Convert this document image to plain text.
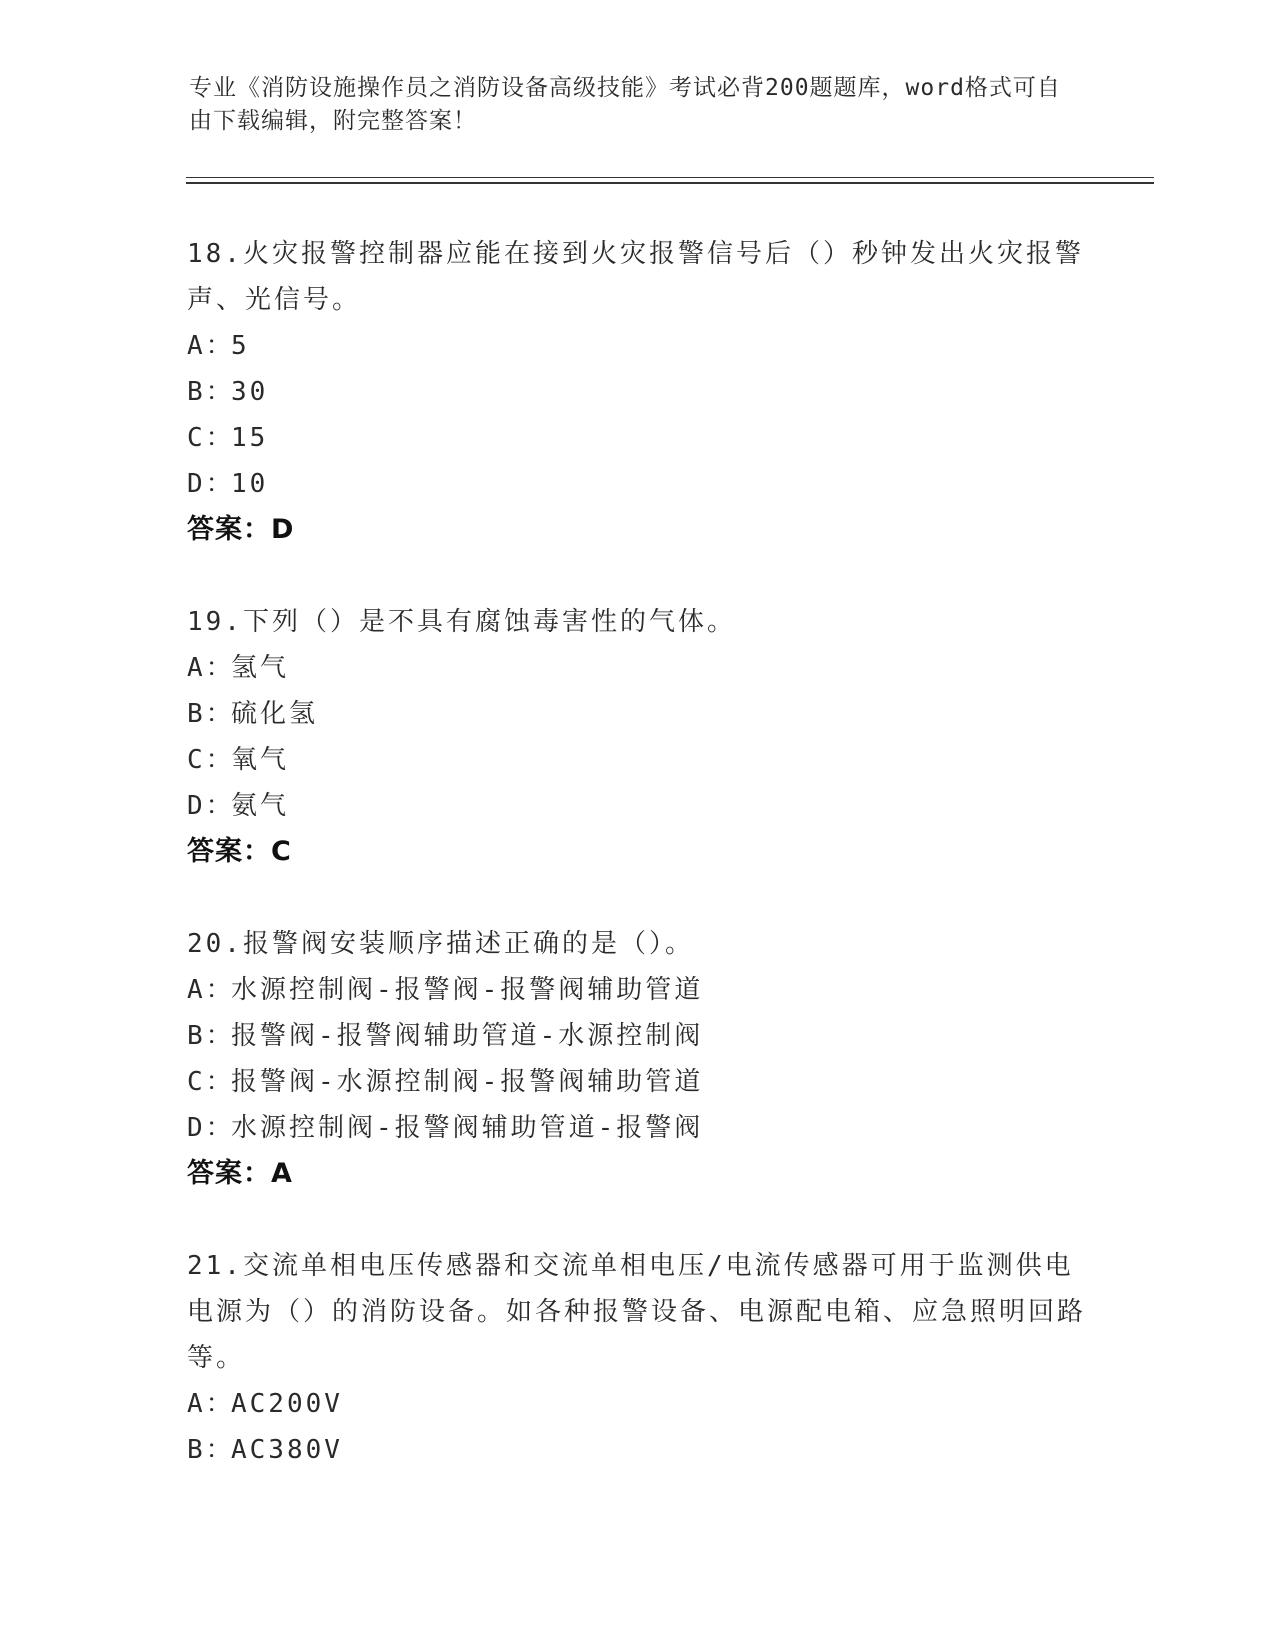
专业《消防设施操作员之消防设备高级技能》考试必背200题题库，word格式可自由下载编辑，附完整答案！
18.火灾报警控制器应能在接到火灾报警信号后（）秒钟发出火灾报警声、光信号。
A：5
B：30
C：15
D：10
答案：D
19.下列（）是不具有腐蚀毒害性的气体。
A：氢气
B：硫化氢
C：氧气
D：氨气
答案：C
20.报警阀安装顺序描述正确的是（）。
A：水源控制阀-报警阀-报警阀辅助管道
B：报警阀-报警阀辅助管道-水源控制阀
C：报警阀-水源控制阀-报警阀辅助管道
D：水源控制阀-报警阀辅助管道-报警阀
答案：A
21.交流单相电压传感器和交流单相电压/电流传感器可用于监测供电电源为（）的消防设备。如各种报警设备、电源配电箱、应急照明回路等。
A：AC200V
B：AC380V
